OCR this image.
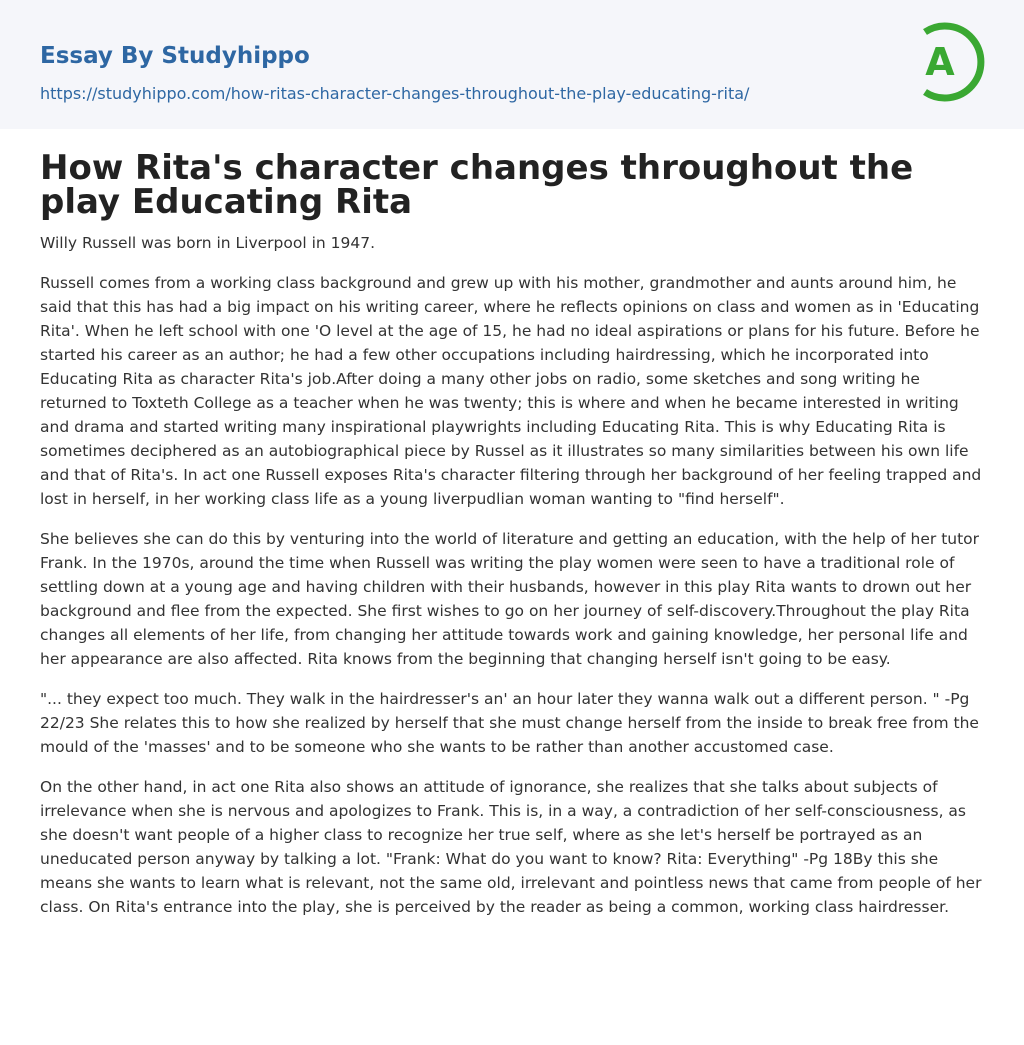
Essay By Studyhippo
https://studyhippo.com/how-ritas-character-changes-throughout-the-play-educating-rita/
A
How Rita's character changes throughout the play Educating Rita

Willy Russell was born in Liverpool in 1947.

Russell comes from a working class background and grew up with his mother, grandmother and aunts around him, he said that this has had a big impact on his writing career, where he reflects opinions on class and women as in 'Educating Rita'. When he left school with one 'O level at the age of 15, he had no ideal aspirations or plans for his future. Before he started his career as an author; he had a few other occupations including hairdressing, which he incorporated into Educating Rita as character Rita's job.After doing a many other jobs on radio, some sketches and song writing he returned to Toxteth College as a teacher when he was twenty; this is where and when he became interested in writing and drama and started writing many inspirational playwrights including Educating Rita. This is why Educating Rita is sometimes deciphered as an autobiographical piece by Russel as it illustrates so many similarities between his own life and that of Rita's. In act one Russell exposes Rita's character filtering through her background of her feeling trapped and lost in herself, in her working class life as a young liverpudlian woman wanting to "find herself".

She believes she can do this by venturing into the world of literature and getting an education, with the help of her tutor Frank. In the 1970s, around the time when Russell was writing the play women were seen to have a traditional role of settling down at a young age and having children with their husbands, however in this play Rita wants to drown out her background and flee from the expected. She first wishes to go on her journey of self-discovery.Throughout the play Rita changes all elements of her life, from changing her attitude towards work and gaining knowledge, her personal life and her appearance are also affected. Rita knows from the beginning that changing herself isn't going to be easy.

"... they expect too much. They walk in the hairdresser's an' an hour later they wanna walk out a different person. " -Pg 22/23 She relates this to how she realized by herself that she must change herself from the inside to break free from the mould of the 'masses' and to be someone who she wants to be rather than another accustomed case.

On the other hand, in act one Rita also shows an attitude of ignorance, she realizes that she talks about subjects of irrelevance when she is nervous and apologizes to Frank. This is, in a way, a contradiction of her self-consciousness, as she doesn't want people of a higher class to recognize her true self, where as she let's herself be portrayed as an uneducated person anyway by talking a lot. "Frank: What do you want to know? Rita: Everything" -Pg 18By this she means she wants to learn what is relevant, not the same old, irrelevant and pointless news that came from people of her class. On Rita's entrance into the play, she is perceived by the reader as being a common, working class hairdresser.
